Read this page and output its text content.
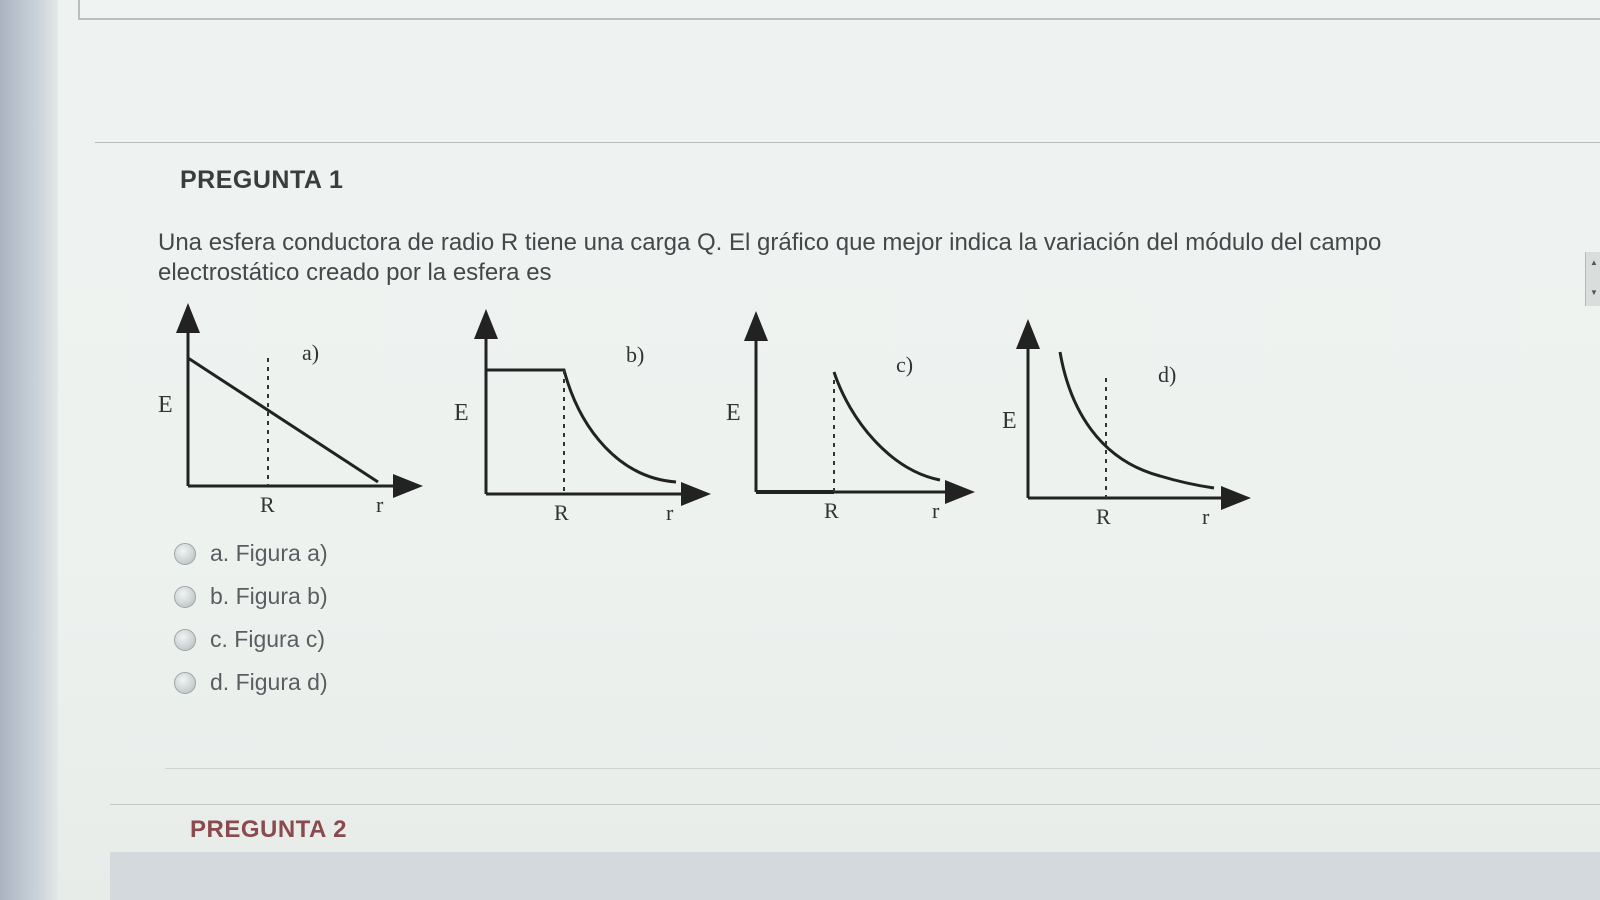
PREGUNTA 1
Una esfera conductora de radio R tiene una carga Q. El gráfico que mejor indica la variación del módulo del campo electrostático creado por la esfera es
E
R	r
a)
E
R	r
b)
E
R	r
c)
E
R	r
d)
a. Figura a)
b. Figura b)
c. Figura c)
d. Figura d)
PREGUNTA 2
▲
▼
